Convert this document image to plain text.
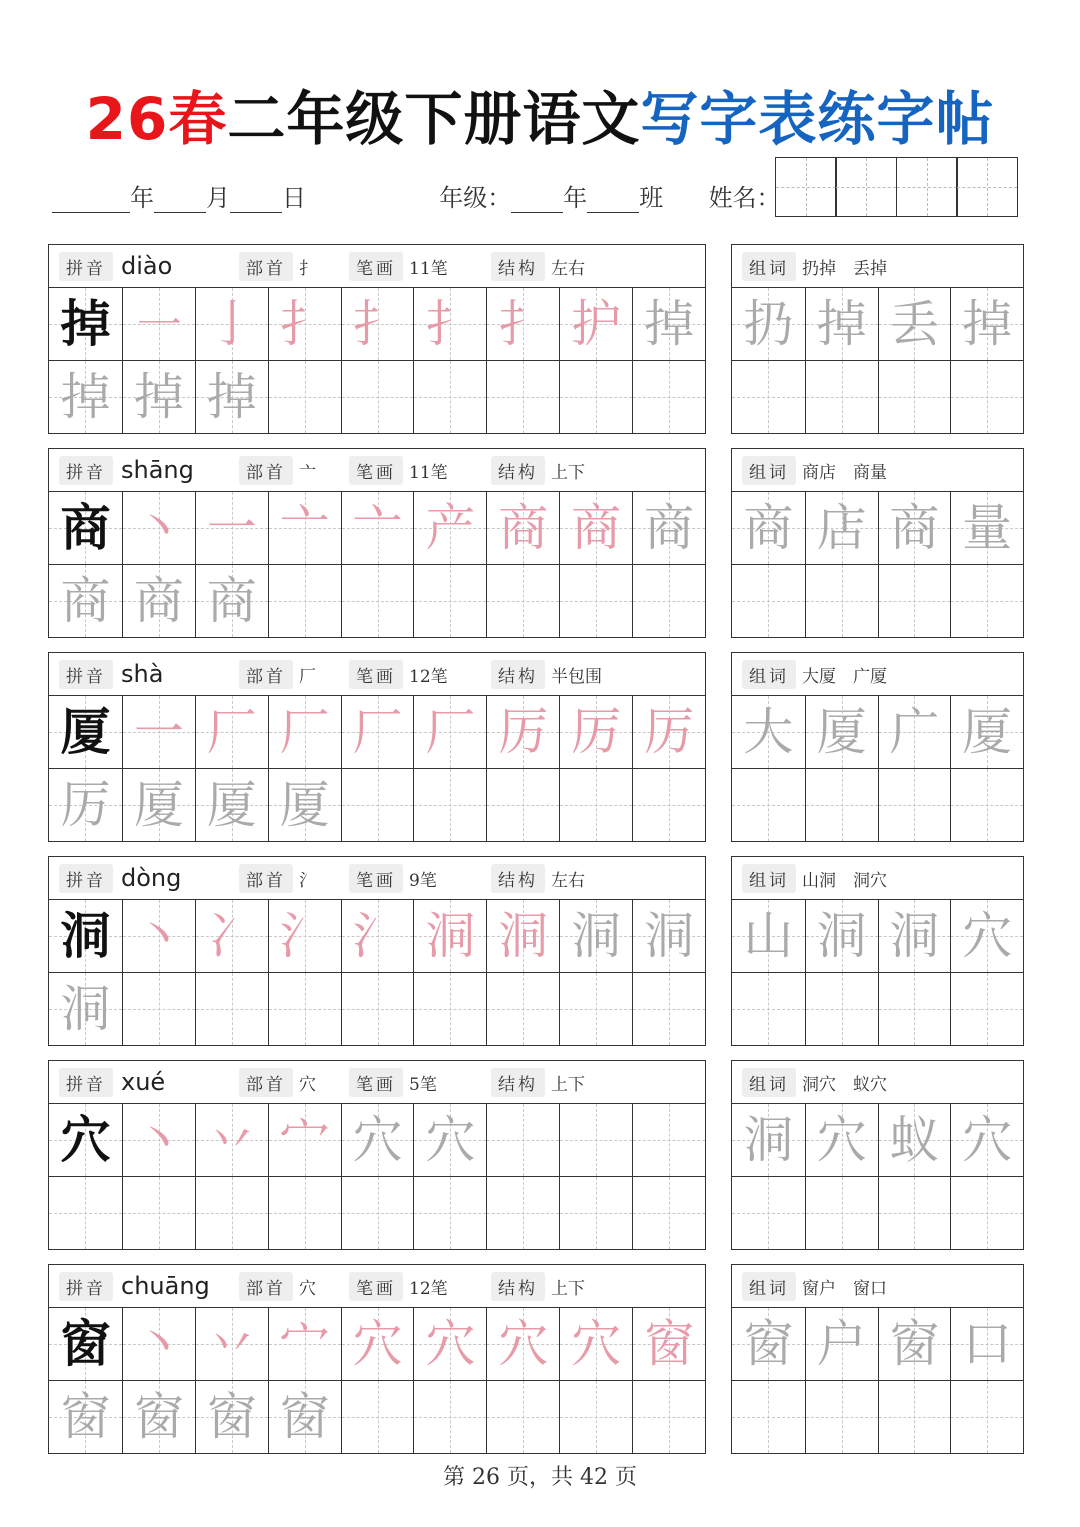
26春二年级下册语文写字表练字帖
年 月 日	年级： 年 班 姓名：
拼音 diào	部首 扌	笔画 11笔	结构 左右
掉 ㇐ 亅 扌 扌 扌 扌 护 掉
掉 掉 掉
组词 扔掉　丢掉
扔 掉 丢 掉
拼音 shāng	部首 亠	笔画 11笔	结构 上下
商 丶 一 亠 亠 产 商 商 商
商 商 商
组词 商店　商量
商 店 商 量
拼音 shà	部首 厂	笔画 12笔	结构 半包围
厦 一 厂 厂 厂 厂 厉 厉 厉
厉 厦 厦 厦
组词 大厦　广厦
大 厦 广 厦
拼音 dòng	部首 氵	笔画 9笔	结构 左右
洞 丶 冫 氵 氵 洞 洞 洞 洞
洞
组词 山洞　洞穴
山 洞 洞 穴
拼音 xué	部首 穴	笔画 5笔	结构 上下
穴 丶 丷 宀 穴 穴
组词 洞穴　蚁穴
洞 穴 蚁 穴
拼音 chuāng	部首 穴	笔画 12笔	结构 上下
窗 丶 丷 宀 穴 穴 穴 穴 窗
窗 窗 窗 窗
组词 窗户　窗口
窗 户 窗 口
第 26 页，共 42 页
